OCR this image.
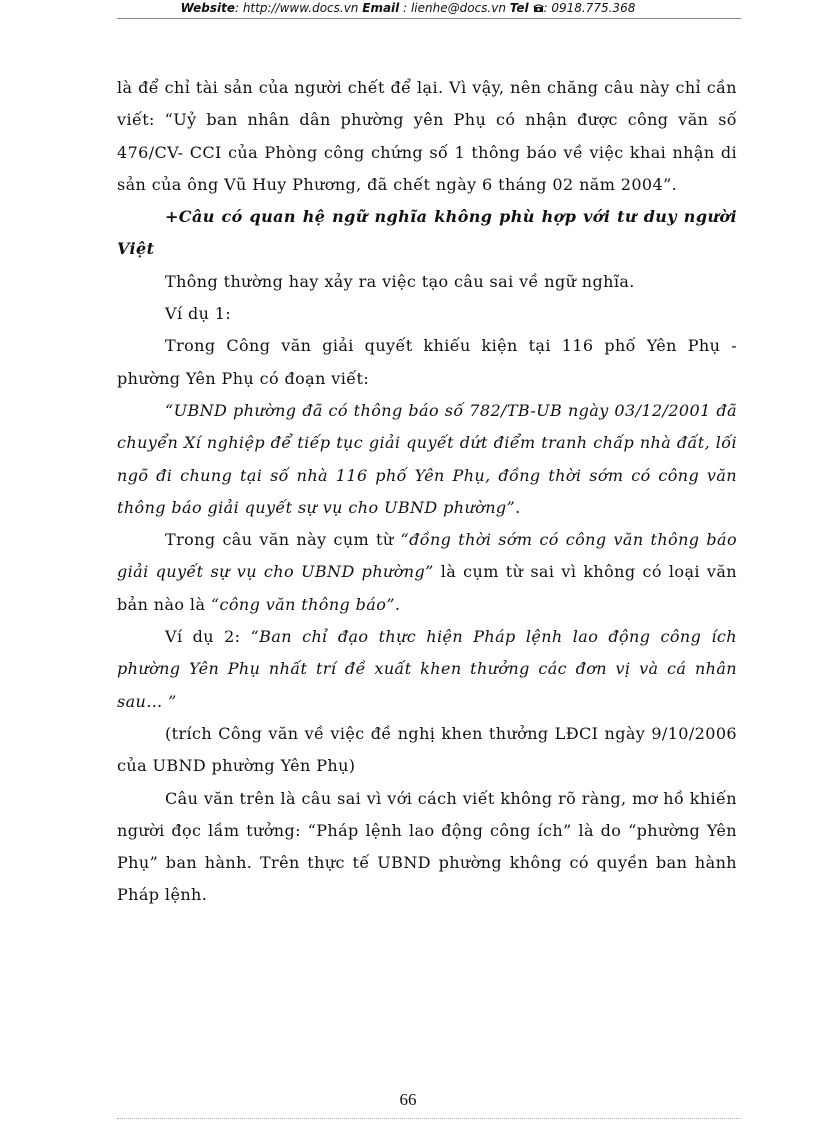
Website: http://www.docs.vn Email : lienhe@docs.vn Tel : 0918.775.368

là để chỉ tài sản của người chết để lại. Vì vậy, nên chăng câu này chỉ cần viết: “Uỷ ban nhân dân phường yên Phụ có nhận được công văn số 476/CV- CCI của Phòng công chứng số 1 thông báo về việc khai nhận di sản của ông Vũ Huy Phương, đã chết ngày 6 tháng 02 năm 2004”.

+Câu có quan hệ ngữ nghĩa không phù hợp với tư duy người Việt

Thông thường hay xảy ra việc tạo câu sai về ngữ nghĩa.

Ví dụ 1:

Trong Công văn giải quyết khiếu kiện tại 116 phố Yên Phụ - phường Yên Phụ có đoạn viết:

“UBND phường đã có thông báo số 782/TB-UB ngày 03/12/2001 đã chuyển Xí nghiệp để tiếp tục giải quyết dứt điểm tranh chấp nhà đất, lối ngõ đi chung tại số nhà 116 phố Yên Phụ, đồng thời sớm có công văn thông báo giải quyết sự vụ cho UBND phường”.

Trong câu văn này cụm từ “đồng thời sớm có công văn thông báo giải quyết sự vụ cho UBND phường” là cụm từ sai vì không có loại văn bản nào là “công văn thông báo”.

Ví dụ 2: “Ban chỉ đạo thực hiện Pháp lệnh lao động công ích phường Yên Phụ nhất trí đề xuất khen thưởng các đơn vị và cá nhân sau… ”

(trích Công văn về việc đề nghị khen thưởng LĐCI ngày 9/10/2006 của UBND phường Yên Phụ)

Câu văn trên là câu sai vì với cách viết không rõ ràng, mơ hồ khiến người đọc lầm tưởng: “Pháp lệnh lao động công ích” là do “phường Yên Phụ” ban hành. Trên thực tế UBND phường không có quyền ban hành Pháp lệnh.

66
